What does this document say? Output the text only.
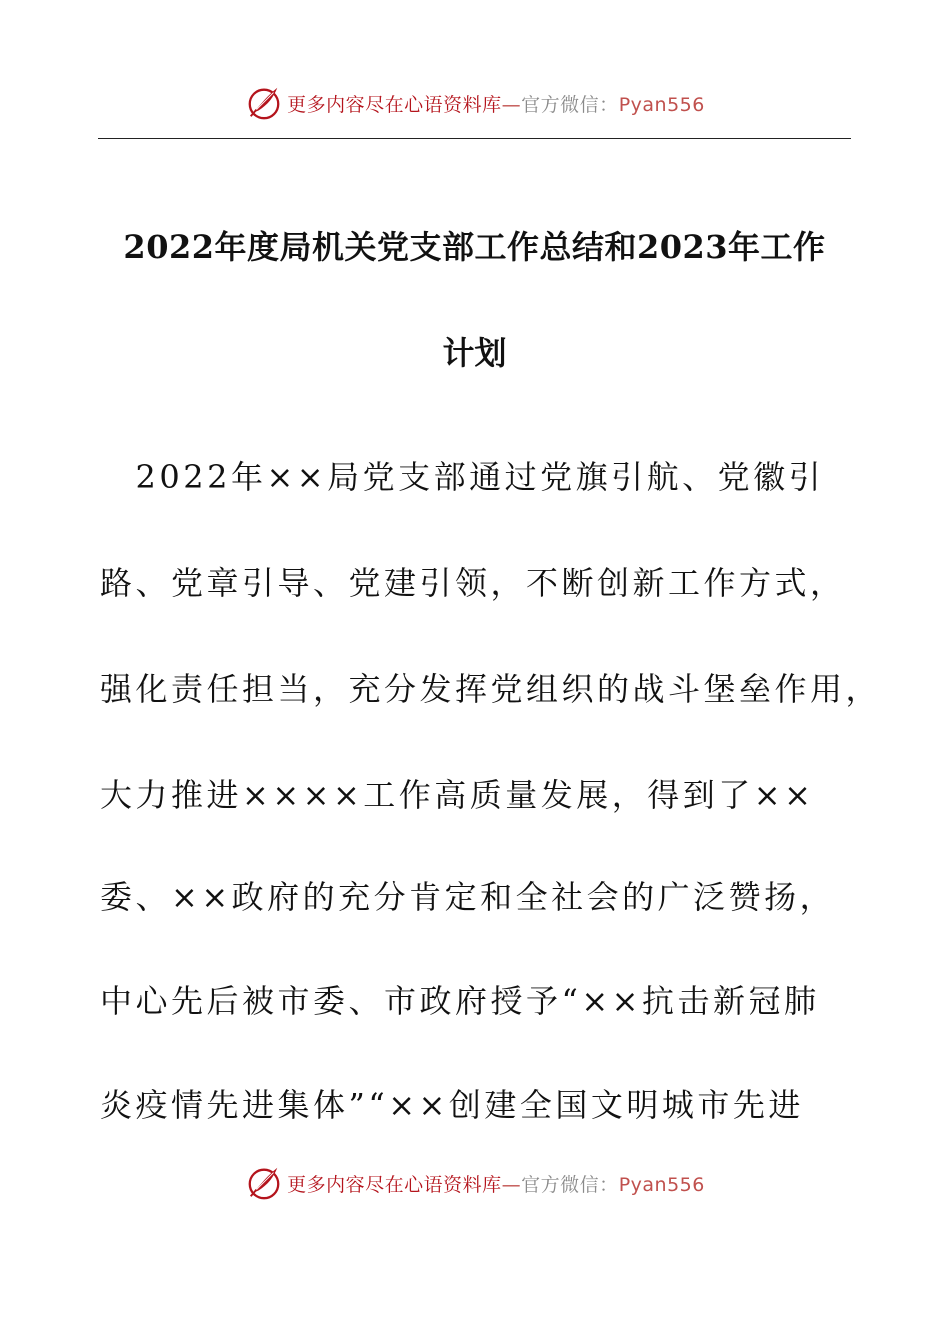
更多内容尽在心语资料库—官方微信：Pyan556
2022年度局机关党支部工作总结和2023年工作
计划
　2022年××局党支部通过党旗引航、党徽引
路、党章引导、党建引领，不断创新工作方式，
强化责任担当，充分发挥党组织的战斗堡垒作用，
大力推进××××工作高质量发展，得到了××
委、××政府的充分肯定和全社会的广泛赞扬，
中心先后被市委、市政府授予“××抗击新冠肺
炎疫情先进集体”“××创建全国文明城市先进
更多内容尽在心语资料库—官方微信：Pyan556
